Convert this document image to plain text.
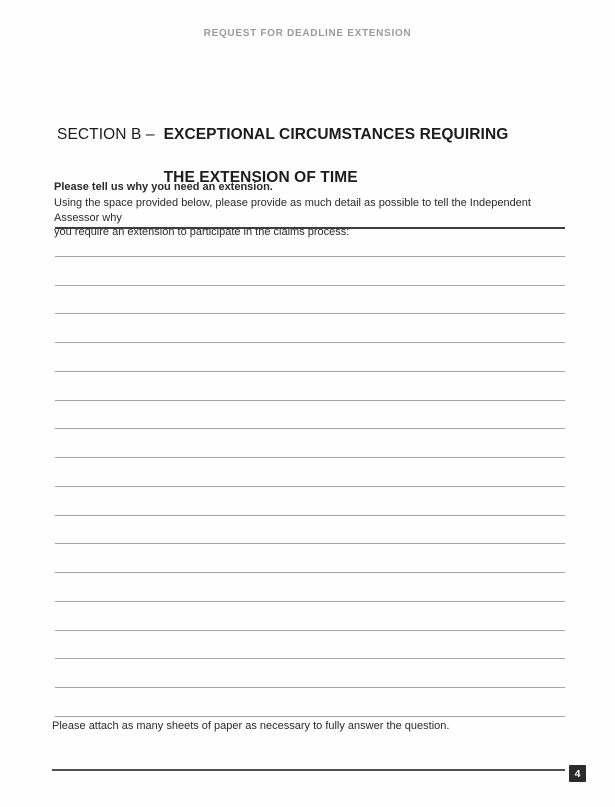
REQUEST FOR DEADLINE EXTENSION
SECTION B – EXCEPTIONAL CIRCUMSTANCES REQUIRING

THE EXTENSION OF TIME

Please tell us why you need an extension.

Using the space provided below, please provide as much detail as possible to tell the Independent Assessor why

you require an extension to participate in the claims process:

Please attach as many sheets of paper as necessary to fully answer the question.
4
